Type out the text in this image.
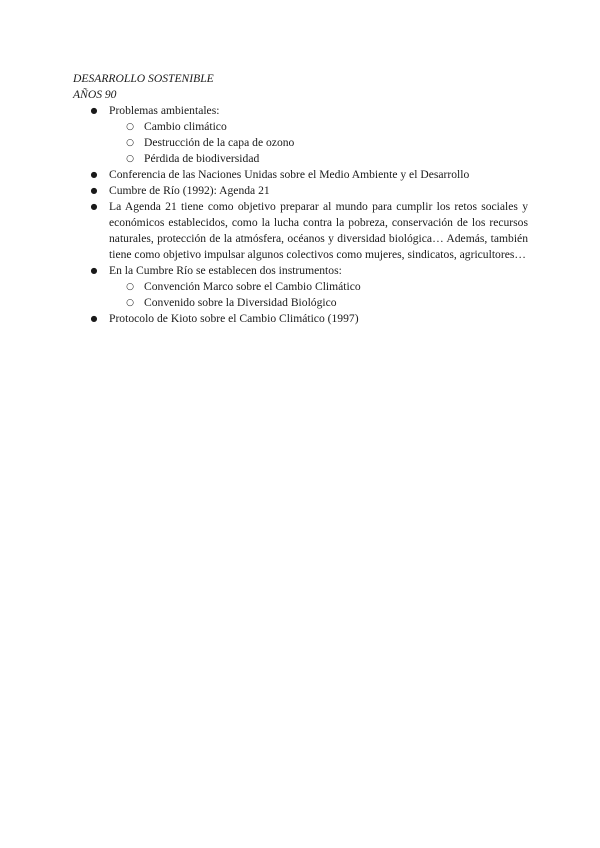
DESARROLLO SOSTENIBLE

AÑOS 90

● Problemas ambientales:
○ Cambio climático
○ Destrucción de la capa de ozono
○ Pérdida de biodiversidad
● Conferencia de las Naciones Unidas sobre el Medio Ambiente y el Desarrollo
● Cumbre de Río (1992): Agenda 21
● La Agenda 21 tiene como objetivo preparar al mundo para cumplir los retos sociales y económicos establecidos, como la lucha contra la pobreza, conservación de los recursos naturales, protección de la atmósfera, océanos y diversidad biológica… Además, también tiene como objetivo impulsar algunos colectivos como mujeres, sindicatos, agricultores…
● En la Cumbre Río se establecen dos instrumentos:
○ Convención Marco sobre el Cambio Climático
○ Convenido sobre la Diversidad Biológico
● Protocolo de Kioto sobre el Cambio Climático (1997)
